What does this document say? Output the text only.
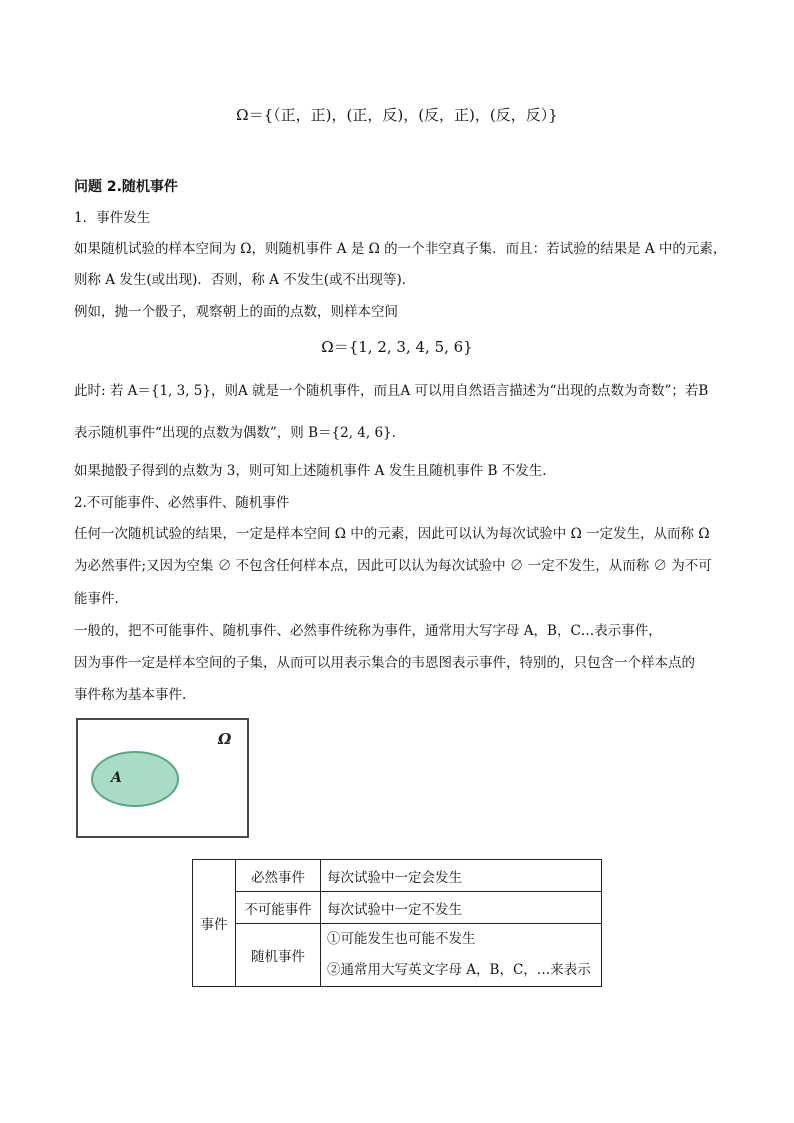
Ω＝{（正，正)，(正，反)，(反，正)，(反，反）}
问题 2.随机事件
1．事件发生
如果随机试验的样本空间为 Ω，则随机事件 A 是 Ω 的一个非空真子集．而且：若试验的结果是 A 中的元素，
则称 A 发生(或出现)．否则，称 A 不发生(或不出现等)．
例如，抛一个骰子，观察朝上的面的点数，则样本空间
Ω＝{1, 2, 3, 4, 5, 6}
此时: 若 A＝{1, 3, 5}，则A 就是一个随机事件，而且A 可以用自然语言描述为“出现的点数为奇数”；若B
表示随机事件“出现的点数为偶数”，则 B＝{2, 4, 6}.
如果抛骰子得到的点数为 3，则可知上述随机事件 A 发生且随机事件 B 不发生.
2.不可能事件、必然事件、随机事件
任何一次随机试验的结果，一定是样本空间 Ω 中的元素，因此可以认为每次试验中 Ω 一定发生，从而称 Ω
为必然事件;又因为空集 ∅ 不包含任何样本点，因此可以认为每次试验中 ∅ 一定不发生，从而称 ∅ 为不可
能事件.
一般的，把不可能事件、随机事件、必然事件统称为事件，通常用大写字母 A，B，C…表示事件，
因为事件一定是样本空间的子集，从而可以用表示集合的韦恩图表示事件，特别的，只包含一个样本点的
事件称为基本事件.
A
Ω
事件	必然事件	每次试验中一定会发生
	不可能事件	每次试验中一定不发生
	随机事件	①可能发生也可能不发生
②通常用大写英文字母 A，B，C，…来表示
